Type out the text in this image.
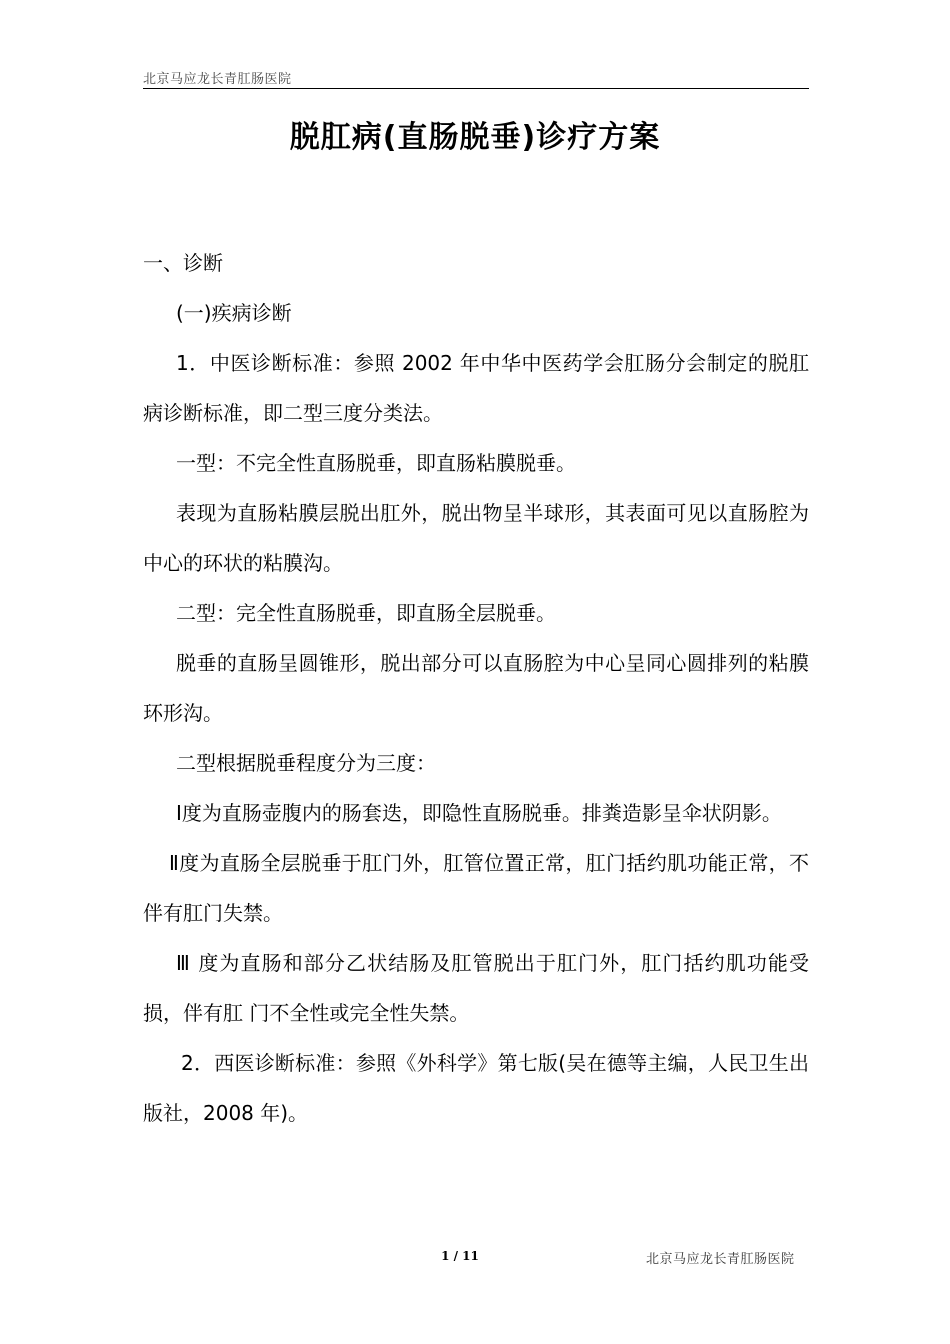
北京马应龙长青肛肠医院
脱肛病(直肠脱垂)诊疗方案

一、诊断

(一)疾病诊断

1．中医诊断标准：参照 2002 年中华中医药学会肛肠分会制定的脱肛病诊断标准，即二型三度分类法。

一型：不完全性直肠脱垂，即直肠粘膜脱垂。

表现为直肠粘膜层脱出肛外，脱出物呈半球形，其表面可见以直肠腔为中心的环状的粘膜沟。

二型：完全性直肠脱垂，即直肠全层脱垂。

脱垂的直肠呈圆锥形，脱出部分可以直肠腔为中心呈同心圆排列的粘膜环形沟。

二型根据脱垂程度分为三度：

Ⅰ度为直肠壶腹内的肠套迭，即隐性直肠脱垂。排粪造影呈伞状阴影。

Ⅱ度为直肠全层脱垂于肛门外，肛管位置正常，肛门括约肌功能正常，不伴有肛门失禁。

Ⅲ 度为直肠和部分乙状结肠及肛管脱出于肛门外，肛门括约肌功能受损，伴有肛 门不全性或完全性失禁。

2．西医诊断标准：参照《外科学》第七版(吴在德等主编，人民卫生出版社，2008 年)。

1 / 11	北京马应龙长青肛肠医院
